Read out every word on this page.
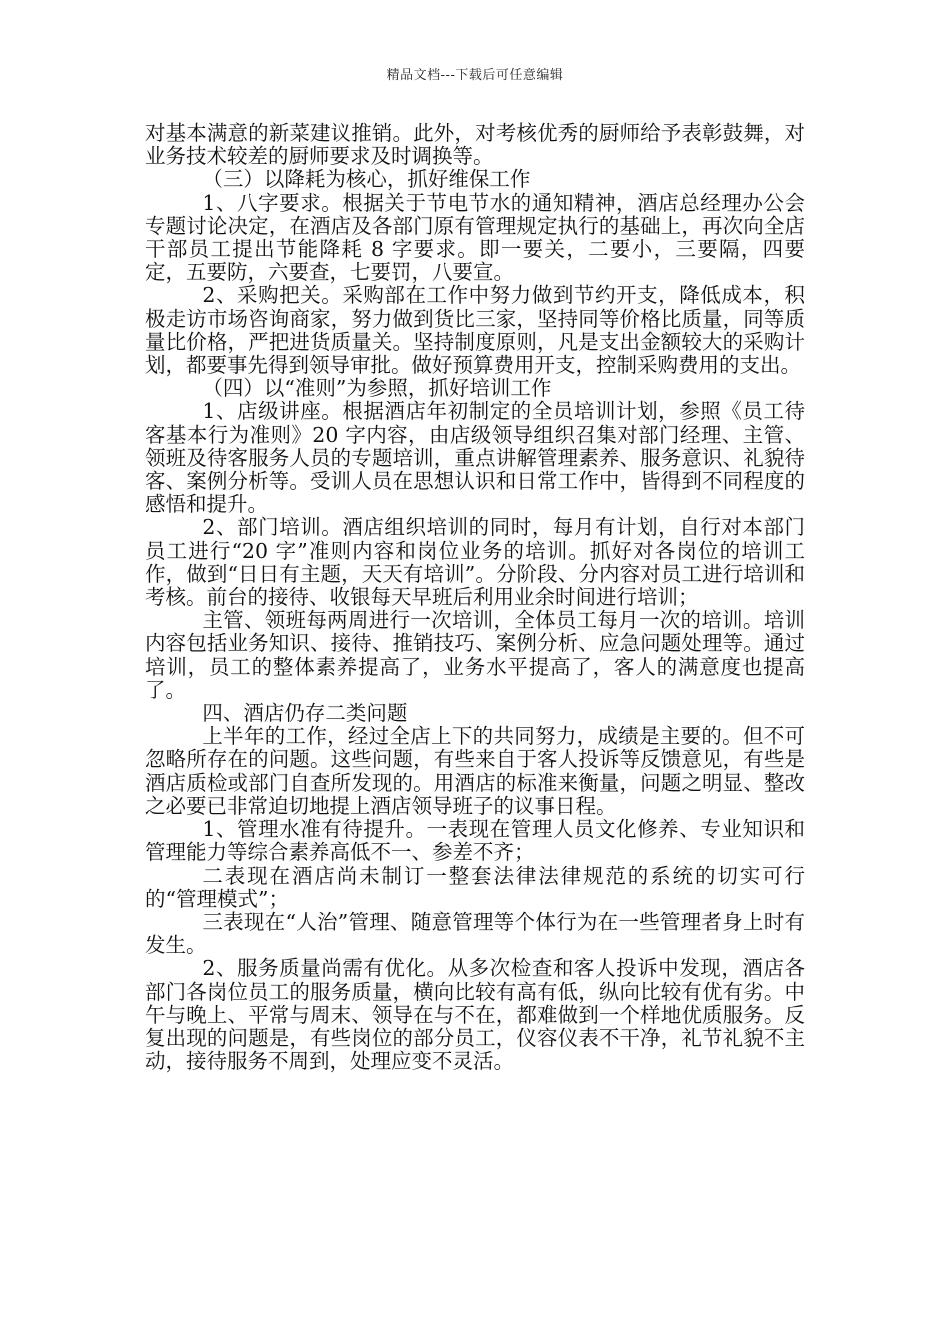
精品文档---下载后可任意编辑

对基本满意的新菜建议推销。此外，对考核优秀的厨师给予表彰鼓舞，对业务技术较差的厨师要求及时调换等。

（三）以降耗为核心，抓好维保工作

1、八字要求。根据关于节电节水的通知精神，酒店总经理办公会专题讨论决定，在酒店及各部门原有管理规定执行的基础上，再次向全店干部员工提出节能降耗 8 字要求。即一要关，二要小，三要隔，四要定，五要防，六要查，七要罚，八要宣。

2、采购把关。采购部在工作中努力做到节约开支，降低成本，积极走访市场咨询商家，努力做到货比三家，坚持同等价格比质量，同等质量比价格，严把进货质量关。坚持制度原则，凡是支出金额较大的采购计划，都要事先得到领导审批。做好预算费用开支，控制采购费用的支出。

（四）以“准则”为参照，抓好培训工作

1、店级讲座。根据酒店年初制定的全员培训计划，参照《员工待客基本行为准则》20 字内容，由店级领导组织召集对部门经理、主管、领班及待客服务人员的专题培训，重点讲解管理素养、服务意识、礼貌待客、案例分析等。受训人员在思想认识和日常工作中，皆得到不同程度的感悟和提升。

2、部门培训。酒店组织培训的同时，每月有计划，自行对本部门员工进行“20 字”准则内容和岗位业务的培训。抓好对各岗位的培训工作，做到“日日有主题，天天有培训”。分阶段、分内容对员工进行培训和考核。前台的接待、收银每天早班后利用业余时间进行培训；

主管、领班每两周进行一次培训，全体员工每月一次的培训。培训内容包括业务知识、接待、推销技巧、案例分析、应急问题处理等。通过培训，员工的整体素养提高了，业务水平提高了，客人的满意度也提高了。

四、酒店仍存二类问题

上半年的工作，经过全店上下的共同努力，成绩是主要的。但不可忽略所存在的问题。这些问题，有些来自于客人投诉等反馈意见，有些是酒店质检或部门自查所发现的。用酒店的标准来衡量，问题之明显、整改之必要已非常迫切地提上酒店领导班子的议事日程。

1、管理水准有待提升。一表现在管理人员文化修养、专业知识和管理能力等综合素养高低不一、参差不齐；

二表现在酒店尚未制订一整套法律法律规范的系统的切实可行的“管理模式”；

三表现在“人治”管理、随意管理等个体行为在一些管理者身上时有发生。

2、服务质量尚需有优化。从多次检查和客人投诉中发现，酒店各部门各岗位员工的服务质量，横向比较有高有低，纵向比较有优有劣。中午与晚上、平常与周末、领导在与不在，都难做到一个样地优质服务。反复出现的问题是，有些岗位的部分员工，仪容仪表不干净，礼节礼貌不主动，接待服务不周到，处理应变不灵活。
